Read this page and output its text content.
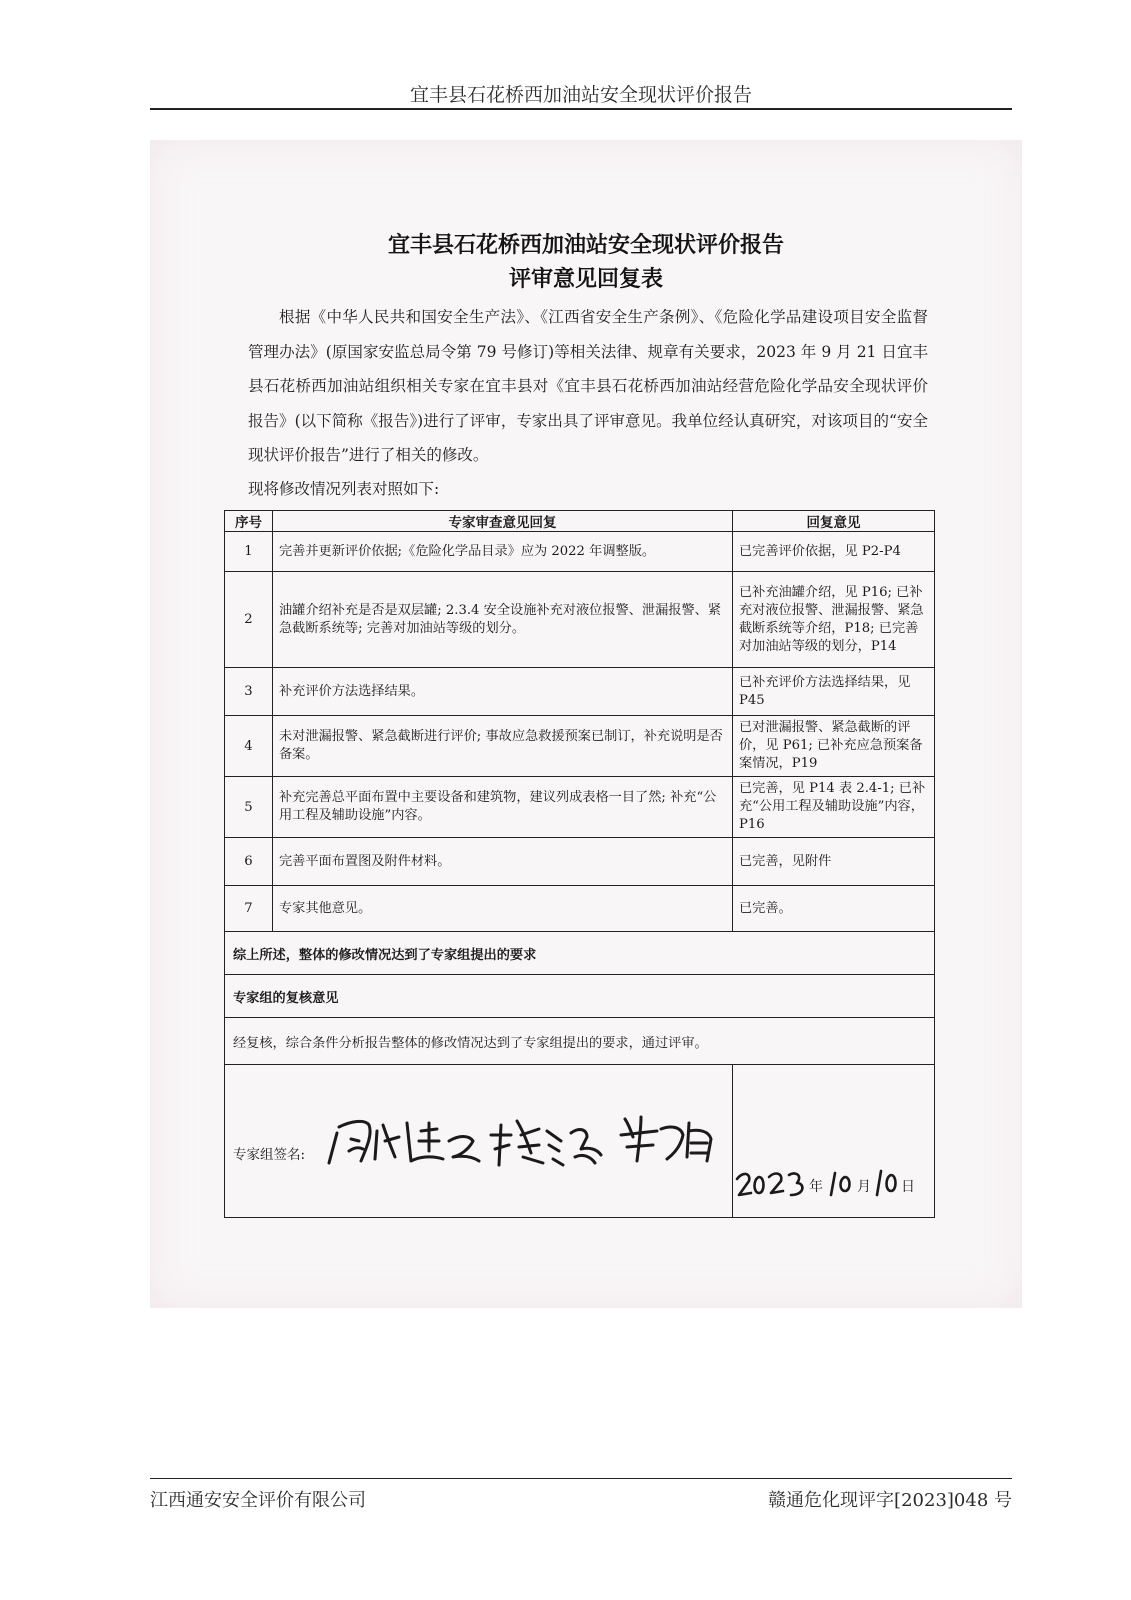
宜丰县石花桥西加油站安全现状评价报告
宜丰县石花桥西加油站安全现状评价报告
评审意见回复表
根据《中华人民共和国安全生产法》、《江西省安全生产条例》、《危险化学品建设项目安全监督管理办法》(原国家安监总局令第 79 号修订)等相关法律、规章有关要求，2023 年 9 月 21 日宜丰县石花桥西加油站组织相关专家在宜丰县对《宜丰县石花桥西加油站经营危险化学品安全现状评价报告》(以下简称《报告》)进行了评审，专家出具了评审意见。我单位经认真研究，对该项目的“安全现状评价报告”进行了相关的修改。
现将修改情况列表对照如下:
序号	专家审查意见回复	回复意见
1	完善并更新评价依据;《危险化学品目录》应为 2022 年调整版。	已完善评价依据，见 P2-P4
2	油罐介绍补充是否是双层罐; 2.3.4 安全设施补充对液位报警、泄漏报警、紧急截断系统等; 完善对加油站等级的划分。	已补充油罐介绍，见 P16; 已补充对液位报警、泄漏报警、紧急截断系统等介绍，P18; 已完善对加油站等级的划分，P14
3	补充评价方法选择结果。	已补充评价方法选择结果，见 P45
4	未对泄漏报警、紧急截断进行评价; 事故应急救援预案已制订，补充说明是否备案。	已对泄漏报警、紧急截断的评价，见 P61; 已补充应急预案备案情况，P19
5	补充完善总平面布置中主要设备和建筑物，建议列成表格一目了然; 补充“公用工程及辅助设施”内容。	已完善，见 P14 表 2.4-1; 已补充“公用工程及辅助设施”内容，P16
6	完善平面布置图及附件材料。	已完善，见附件
7	专家其他意见。	已完善。
综上所述，整体的修改情况达到了专家组提出的要求		
专家组的复核意见		
经复核，综合条件分析报告整体的修改情况达到了专家组提出的要求，通过评审。		

专家组签名:		年 月 日
江西通安安全评价有限公司	赣通危化现评字[2023]048 号
